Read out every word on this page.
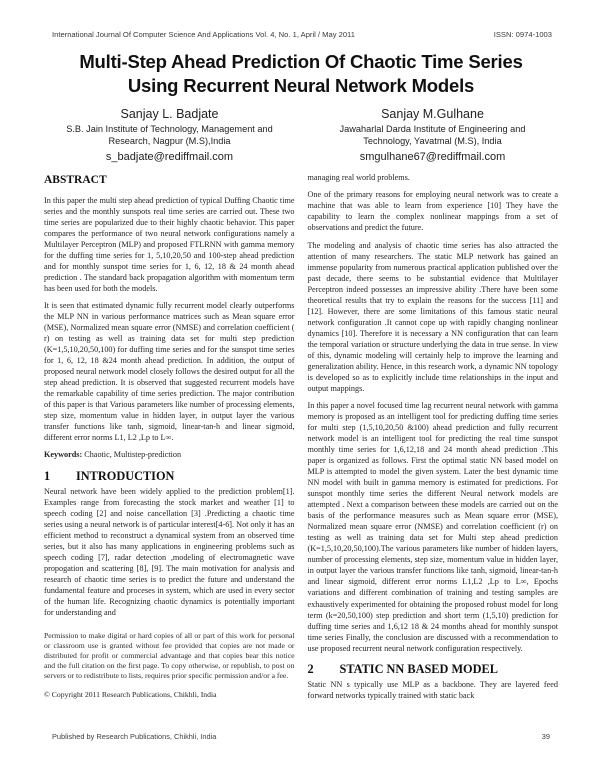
International Journal Of Computer Science And Applications Vol. 4, No. 1, April / May 2011	ISSN: 0974-1003
Multi-Step Ahead Prediction Of Chaotic Time Series
Using Recurrent Neural Network Models
Sanjay L. Badjate
S.B. Jain Institute of Technology, Management and
Research, Nagpur (M.S),India
s_badjate@rediffmail.com
Sanjay M.Gulhane
Jawaharlal Darda Institute of Engineering and
Technology, Yavatmal (M.S), India
smgulhane67@rediffmail.com
ABSTRACT

In this paper the multi step ahead prediction of typical Duffing Chaotic time series and the monthly sunspots real time series are carried out. These two time series are popularized due to their highly chaotic behavior. This paper compares the performance of two neural network configurations namely a Multilayer Perceptron (MLP) and proposed FTLRNN with gamma memory for the duffing time series for 1, 5,10,20,50 and 100-step ahead prediction and for monthly sunspot time series for 1, 6, 12, 18 & 24 month ahead prediction . The standard back propagation algorithm with momentum term has been used for both the models.

It is seen that estimated dynamic fully recurrent model clearly outperforms the MLP NN in various performance matrices such as Mean square error (MSE), Normalized mean square error (NMSE) and correlation coefficient ( r) on testing as well as training data set for multi step prediction (K=1,5,10,20,50,100) for duffing time series and for the sunspot time series for 1, 6, 12, 18 &24 month ahead prediction. In addition, the output of proposed neural network model closely follows the desired output for all the step ahead prediction. It is observed that suggested recurrent models have the remarkable capability of time series prediction. The major contribution of this paper is that Various parameters like number of processing elements, step size, momentum value in hidden layer, in output layer the various transfer functions like tanh, sigmoid, linear-tan-h and linear sigmoid, different error norms L1, L2 ,Lp to L∞.

Keywords: Chaotic, Multistep-prediction
1	INTRODUCTION

Neural network have been widely applied to the prediction problem[1]. Examples range from forecasting the stock market and weather [1] to speech coding [2] and noise cancellation [3] .Predicting a chaotic time series using a neural network is of particular interest[4-6]. Not only it has an efficient method to reconstruct a dynamical system from an observed time series, but it also has many applications in engineering problems such as speech coding [7], radar detection ,modeling of electromagnetic wave propogation and scattering [8], [9]. The main motivation for analysis and research of chaotic time series is to predict the future and understand the fundamental feature and proceses in system, which are used in every sector of the human life. Recognizing chaotic dynamics is potentially important for understanding and

Permission to make digital or hard copies of all or part of this work for personal or classroom use is granted without fee provided that copies are not made or distributed for profit or commercial advantage and that copies bear this notice and the full citation on the first page. To copy otherwise, or republish, to post on servers or to redistribute to lists, requires prior specific permission and/or a fee.
© Copyright 2011 Research Publications, Chikhli, India

managing real world problems.

One of the primary reasons for employing neural network was to create a machine that was able to learn from experience [10] They have the capability to learn the complex nonlinear mappings from a set of observations and predict the future.

The modeling and analysis of chaotic time series has also attracted the attention of many researchers. The static MLP network has gained an immense popularity from numerous practical application published over the past decade, there seems to be substantial evidence that Multilayer Perceptron indeed possesses an impressive ability .There have been some theoretical results that try to explain the reasons for the success [11] and [12]. However, there are some limitations of this famous static neural network configuration .It cannot cope up with rapidly changing nonlinear dynamics [10]. Therefore it is necessary a NN configuration that can learn the temporal variation or structure underlying the data in true sense. In view of this, dynamic modeling will certainly help to improve the learning and generalization ability. Hence, in this research work, a dynamic NN topology is developed so as to explicitly include time relationships in the input and output mappings.

In this paper a novel focused time lag recurrent neural network with gamma memory is proposed as an intelligent tool for predicting duffing time series for multi step (1,5,10,20,50 &100) ahead prediction and fully recurrent network model is an intelligent tool for predicting the real time sunspot monthly time series for 1,6,12,18 and 24 month ahead prediction .This paper is organized as follows. First the optimal static NN based model on MLP is attempted to model the given system. Later the best dynamic time NN model with built in gamma memory is estimated for predictions. For sunspot monthly time series the different Neural network models are attempted . Next a comparison between these models are carried out on the basis of the performance measures such as Mean square error (MSE), Normalized mean square error (NMSE) and correlation coefficient (r) on testing as well as training data set for Multi step ahead prediction (K=1,5,10,20,50,100).The various parameters like number of hidden layers, number of processing elements, step size, momentum value in hidden layer, in output layer the various transfer functions like tanh, sigmoid, linear-tan-h and linear sigmoid, different error norms L1,L2 ,Lp to L∞, Epochs variations and different combination of training and testing samples are exhaustively experimented for obtaining the proposed robust model for long term (k=20,50,100) step prediction and short term (1,5,10) prediction for duffing time series and 1,6,12 18 & 24 months ahead for monthly sunspot time series Finally, the conclusion are discussed with a recommendation to use proposed recurrent neural network configuration respectively.

2	STATIC NN BASED MODEL

Static NN s typically use MLP as a backbone. They are layered feed forward networks typically trained with static back

Published by Research Publications, Chikhli, India	39
